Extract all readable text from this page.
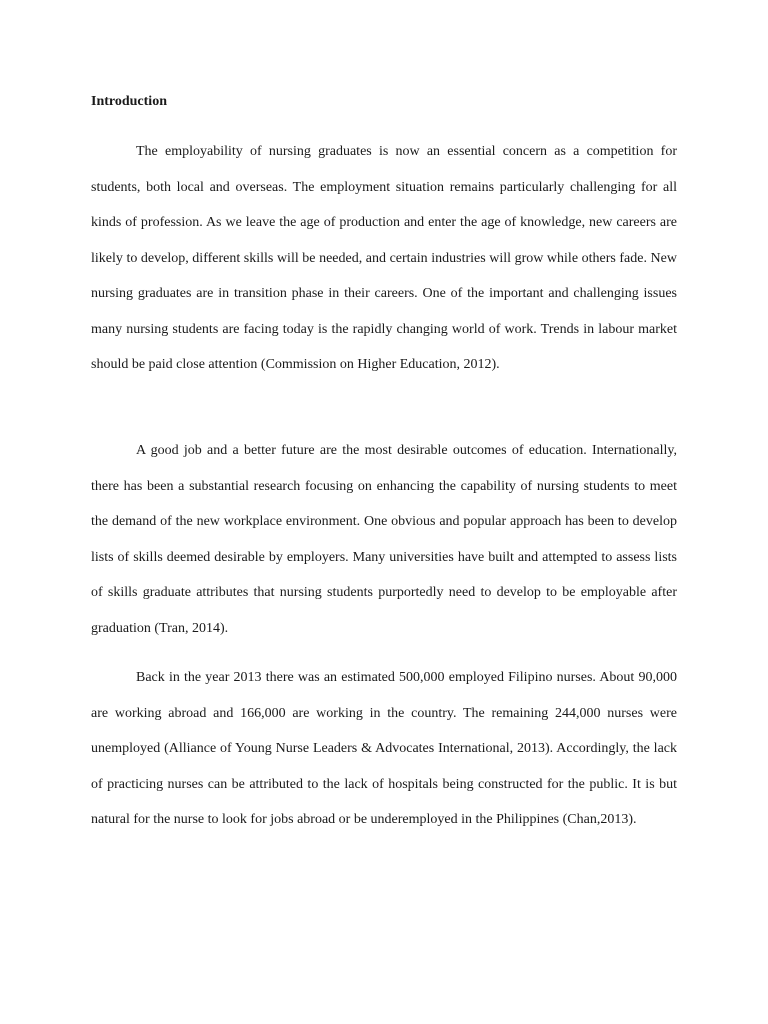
Introduction

The employability of nursing graduates is now an essential concern as a competition for students, both local and overseas. The employment situation remains particularly challenging for all kinds of profession. As we leave the age of production and enter the age of knowledge, new careers are likely to develop, different skills will be needed, and certain industries will grow while others fade. New nursing graduates are in transition phase in their careers. One of the important and challenging issues many nursing students are facing today is the rapidly changing world of work. Trends in labour market should be paid close attention (Commission on Higher Education, 2012).

A good job and a better future are the most desirable outcomes of education. Internationally, there has been a substantial research focusing on enhancing the capability of nursing students to meet the demand of the new workplace environment. One obvious and popular approach has been to develop lists of skills deemed desirable by employers. Many universities have built and attempted to assess lists of skills graduate attributes that nursing students purportedly need to develop to be employable after graduation (Tran, 2014).

Back in the year 2013 there was an estimated 500,000 employed Filipino nurses. About 90,000 are working abroad and 166,000 are working in the country. The remaining 244,000 nurses were unemployed (Alliance of Young Nurse Leaders & Advocates International, 2013). Accordingly, the lack of practicing nurses can be attributed to the lack of hospitals being constructed for the public. It is but natural for the nurse to look for jobs abroad or be underemployed in the Philippines (Chan,2013).
